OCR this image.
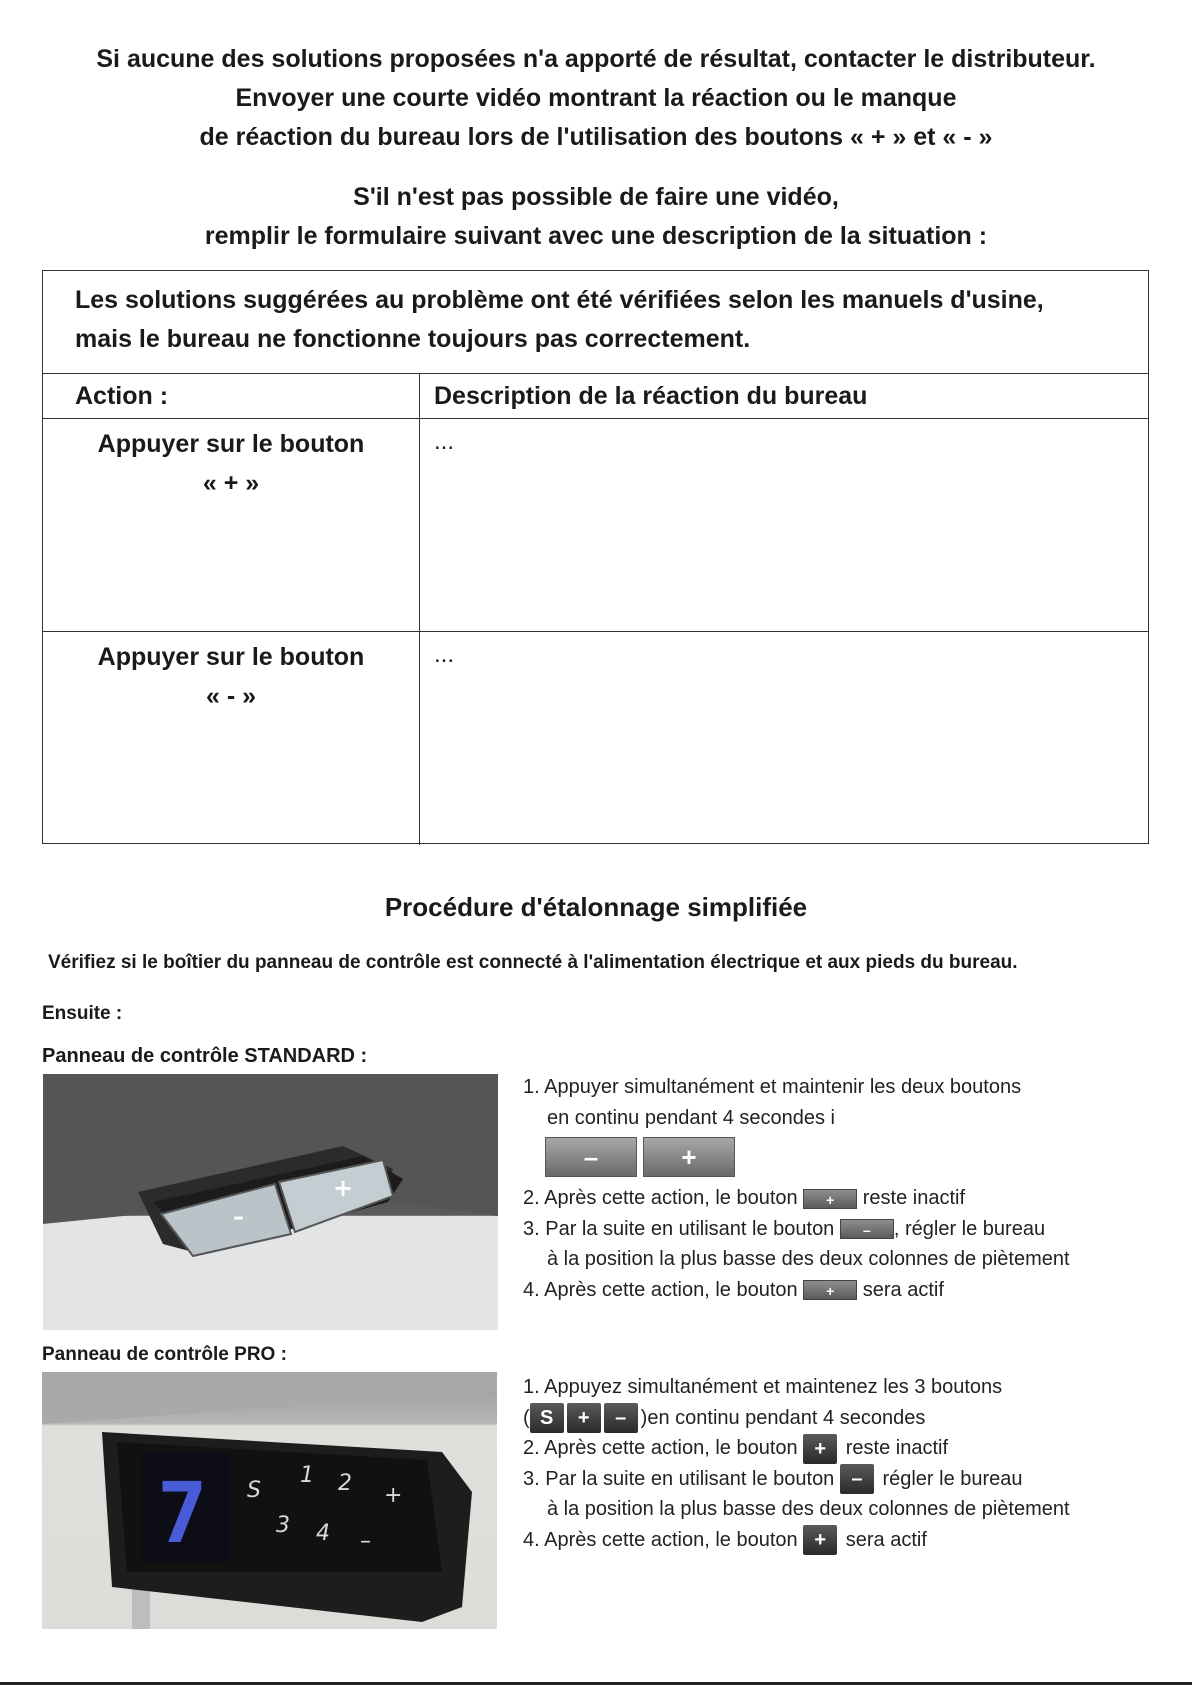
Si aucune des solutions proposées n'a apporté de résultat, contacter le distributeur.
Envoyer une courte vidéo montrant la réaction ou le manque
de réaction du bureau lors de l'utilisation des boutons « + » et « - »
S'il n'est pas possible de faire une vidéo,
remplir le formulaire suivant avec une description de la situation :
Les solutions suggérées au problème ont été vérifiées selon les manuels d'usine,
mais le bureau ne fonctionne toujours pas correctement.
Action :	Description de la réaction du bureau
Appuyer sur le bouton
« + »
...
Appuyer sur le bouton
« - »
...
Procédure d'étalonnage simplifiée
Vérifiez si le boîtier du panneau de contrôle est connecté à l'alimentation électrique et aux pieds du bureau.
Ensuite :
Panneau de contrôle STANDARD :
–
+
1. Appuyer simultanément et maintenir les deux boutons
en continu pendant 4 secondes i
–	+
2. Après cette action, le bouton + reste inactif
3. Par la suite en utilisant le bouton – , régler le bureau
à la position la plus basse des deux colonnes de piètement
4. Après cette action, le bouton + sera actif
Panneau de contrôle PRO :
7 S
1 2 +
3 4 –
1. Appuyez simultanément et maintenez les 3 boutons
( S + – )en continu pendant 4 secondes
2. Après cette action, le bouton + reste inactif
3. Par la suite en utilisant le bouton – régler le bureau
à la position la plus basse des deux colonnes de piètement
4. Après cette action, le bouton + sera actif
